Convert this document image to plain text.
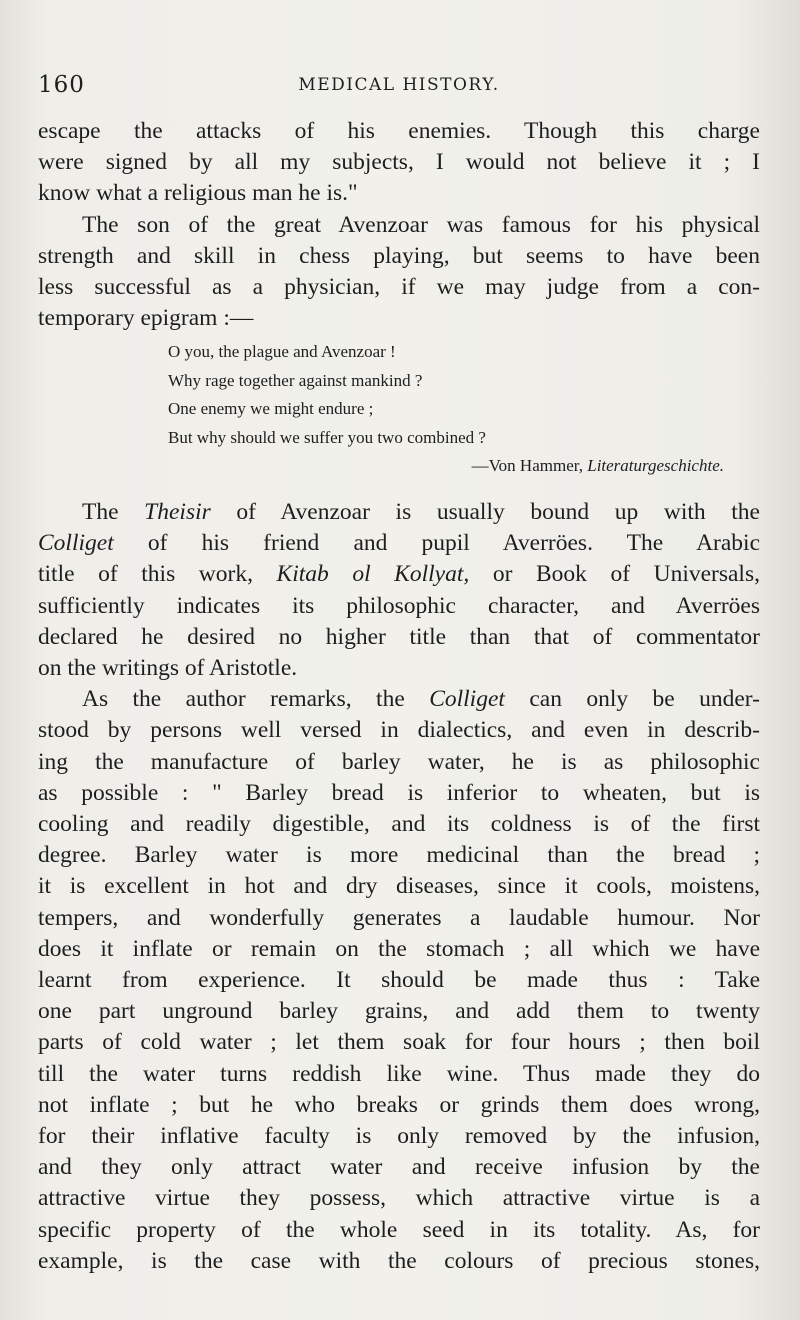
160	MEDICAL HISTORY.
escape the attacks of his enemies. Though this charge
were signed by all my subjects, I would not believe it ; I
know what a religious man he is."
The son of the great Avenzoar was famous for his physical
strength and skill in chess playing, but seems to have been
less successful as a physician, if we may judge from a con-
temporary epigram :—
O you, the plague and Avenzoar !
Why rage together against mankind ?
One enemy we might endure ;
But why should we suffer you two combined ?
—Von Hammer, Literaturgeschichte.
The Theisir of Avenzoar is usually bound up with the
Colliget of his friend and pupil Averröes. The Arabic
title of this work, Kitab ol Kollyat, or Book of Universals,
sufficiently indicates its philosophic character, and Averröes
declared he desired no higher title than that of commentator
on the writings of Aristotle.
As the author remarks, the Colliget can only be under-
stood by persons well versed in dialectics, and even in describ-
ing the manufacture of barley water, he is as philosophic
as possible : " Barley bread is inferior to wheaten, but is
cooling and readily digestible, and its coldness is of the first
degree. Barley water is more medicinal than the bread ;
it is excellent in hot and dry diseases, since it cools, moistens,
tempers, and wonderfully generates a laudable humour. Nor
does it inflate or remain on the stomach ; all which we have
learnt from experience. It should be made thus : Take
one part unground barley grains, and add them to twenty
parts of cold water ; let them soak for four hours ; then boil
till the water turns reddish like wine. Thus made they do
not inflate ; but he who breaks or grinds them does wrong,
for their inflative faculty is only removed by the infusion,
and they only attract water and receive infusion by the
attractive virtue they possess, which attractive virtue is a
specific property of the whole seed in its totality. As, for
example, is the case with the colours of precious stones,
